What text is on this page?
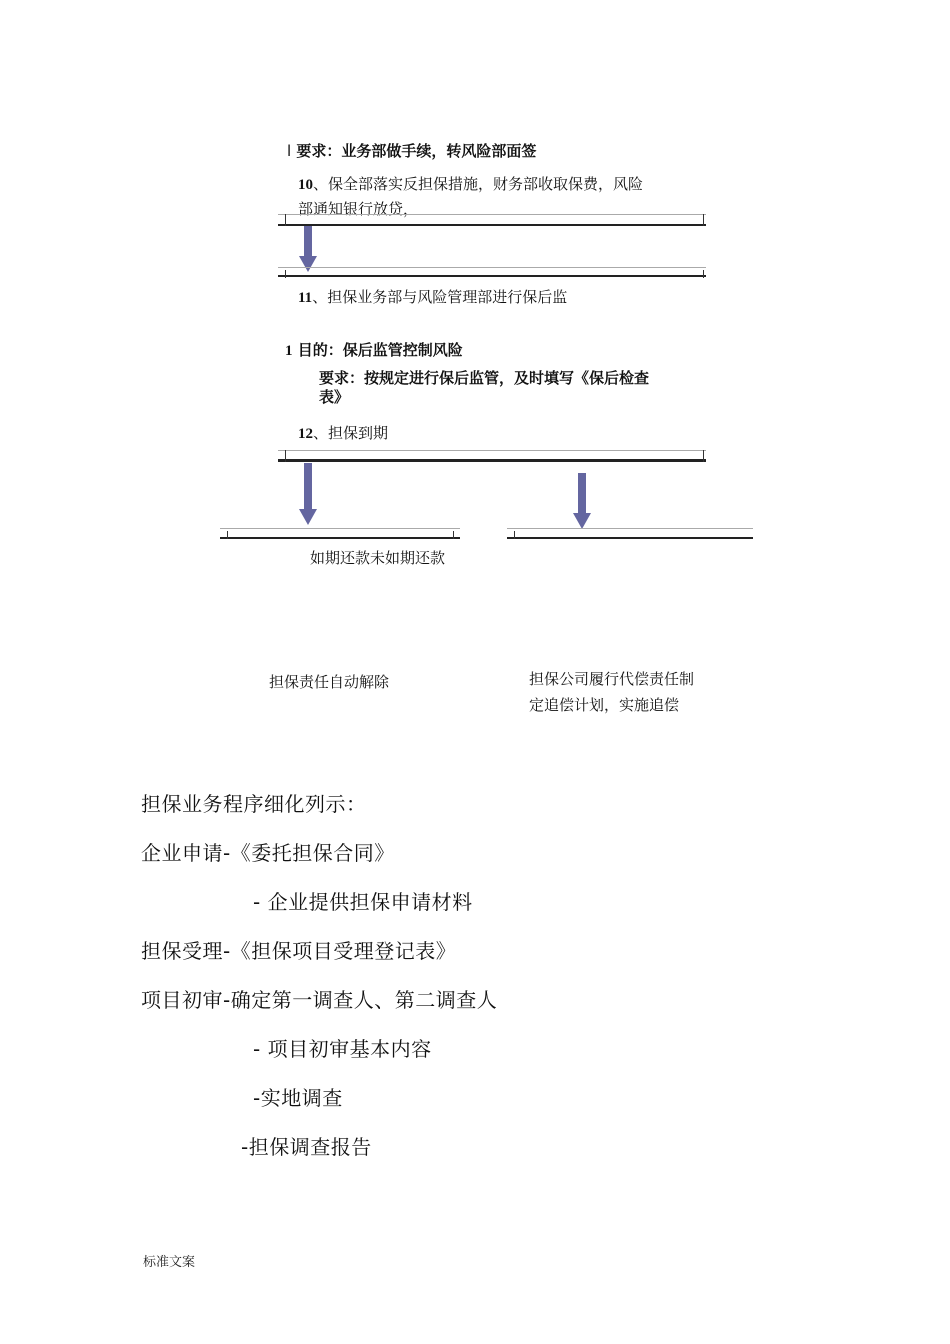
l 要求：业务部做手续，转风险部面签
10、保全部落实反担保措施，财务部收取保费，风险
部通知银行放贷，
11、担保业务部与风险管理部进行保后监
1 目的：保后监管控制风险
要求：按规定进行保后监管，及时填写《保后检查
表》
12、担保到期
如期还款未如期还款
担保责任自动解除	担保公司履行代偿责任制
定追偿计划，实施追偿
担保业务程序细化列示：
企业申请-《委托担保合同》
- 企业提供担保申请材料
担保受理-《担保项目受理登记表》
项目初审-确定第一调查人、第二调查人
- 项目初审基本内容
-实地调查
-担保调查报告
标准文案
